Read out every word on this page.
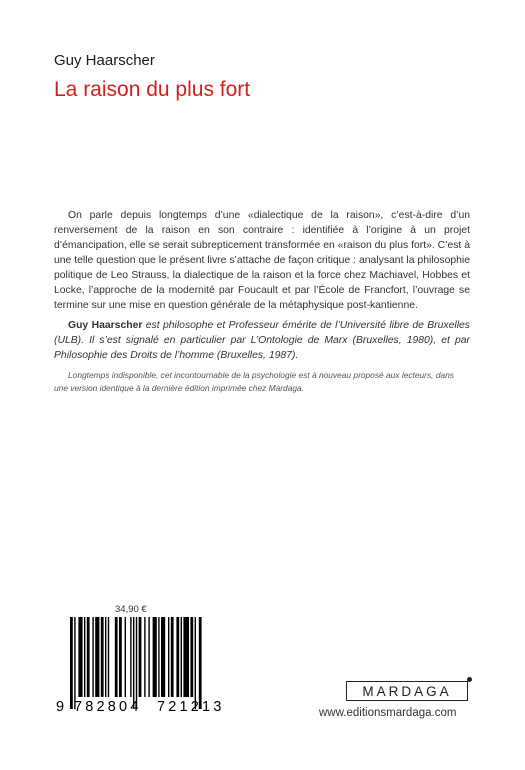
Guy Haarscher
La raison du plus fort

On parle depuis longtemps d’une «dialectique de la raison», c’est-à-dire d’un renversement de la raison en son contraire : identifiée à l’origine à un projet d’émancipation, elle se serait subrepticement transformée en «raison du plus fort». C’est à une telle question que le présent livre s’attache de façon critique : analysant la philosophie politique de Leo Strauss, la dialectique de la raison et la force chez Machiavel, Hobbes et Locke, l’approche de la modernité par Foucault et par l’École de Francfort, l’ouvrage se termine sur une mise en question générale de la métaphysique post-kantienne.

Guy Haarscher est philosophe et Professeur émérite de l’Université libre de Bruxelles (ULB). Il s’est signalé en particulier par L’Ontologie de Marx (Bruxelles, 1980), et par Philosophie des Droits de l’homme (Bruxelles, 1987).

Longtemps indisponible, cet incontournable de la psychologie est à nouveau proposé aux lecteurs, dans une version identique à la dernière édition imprimée chez Mardaga.

34,90 €
9 782804 721213
MARDAGA
www.editionsmardaga.com
